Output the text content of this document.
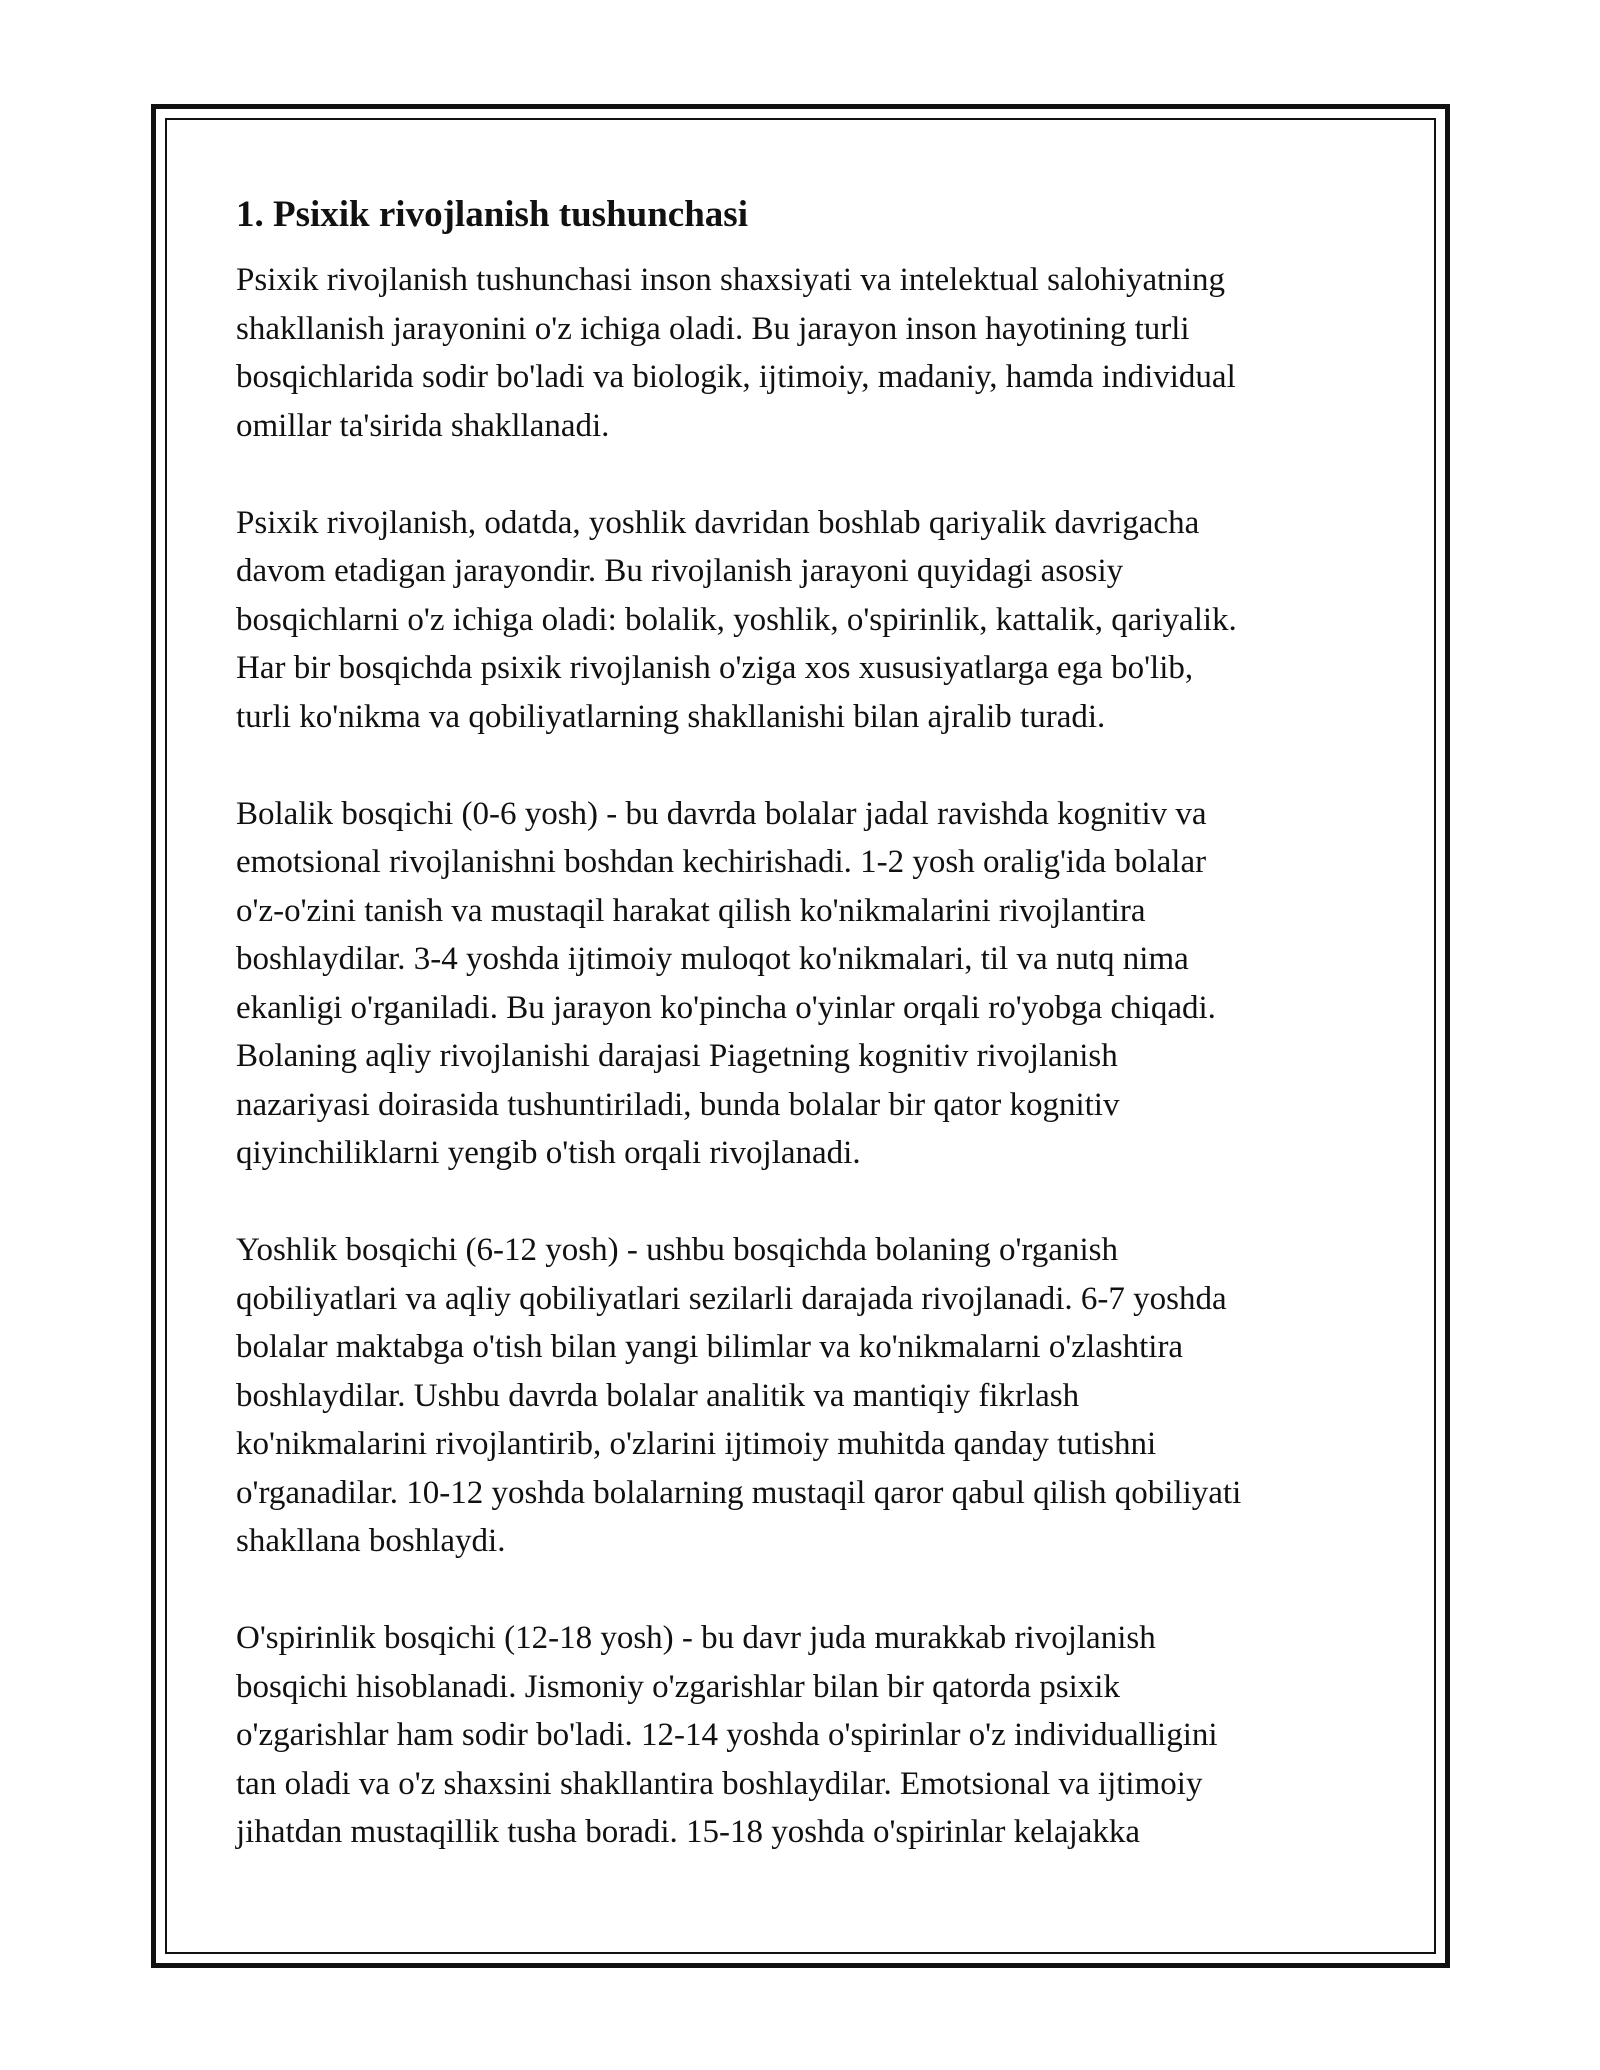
1. Psixik rivojlanish tushunchasi

Psixik rivojlanish tushunchasi inson shaxsiyati va intelektual salohiyatning
shakllanish jarayonini o'z ichiga oladi. Bu jarayon inson hayotining turli
bosqichlarida sodir bo'ladi va biologik, ijtimoiy, madaniy, hamda individual
omillar ta'sirida shakllanadi.

Psixik rivojlanish, odatda, yoshlik davridan boshlab qariyalik davrigacha
davom etadigan jarayondir. Bu rivojlanish jarayoni quyidagi asosiy
bosqichlarni o'z ichiga oladi: bolalik, yoshlik, o'spirinlik, kattalik, qariyalik.
Har bir bosqichda psixik rivojlanish o'ziga xos xususiyatlarga ega bo'lib,
turli ko'nikma va qobiliyatlarning shakllanishi bilan ajralib turadi.

Bolalik bosqichi (0-6 yosh) - bu davrda bolalar jadal ravishda kognitiv va
emotsional rivojlanishni boshdan kechirishadi. 1-2 yosh oralig'ida bolalar
o'z-o'zini tanish va mustaqil harakat qilish ko'nikmalarini rivojlantira
boshlaydilar. 3-4 yoshda ijtimoiy muloqot ko'nikmalari, til va nutq nima
ekanligi o'rganiladi. Bu jarayon ko'pincha o'yinlar orqali ro'yobga chiqadi.
Bolaning aqliy rivojlanishi darajasi Piagetning kognitiv rivojlanish
nazariyasi doirasida tushuntiriladi, bunda bolalar bir qator kognitiv
qiyinchiliklarni yengib o'tish orqali rivojlanadi.

Yoshlik bosqichi (6-12 yosh) - ushbu bosqichda bolaning o'rganish
qobiliyatlari va aqliy qobiliyatlari sezilarli darajada rivojlanadi. 6-7 yoshda
bolalar maktabga o'tish bilan yangi bilimlar va ko'nikmalarni o'zlashtira
boshlaydilar. Ushbu davrda bolalar analitik va mantiqiy fikrlash
ko'nikmalarini rivojlantirib, o'zlarini ijtimoiy muhitda qanday tutishni
o'rganadilar. 10-12 yoshda bolalarning mustaqil qaror qabul qilish qobiliyati
shakllana boshlaydi.

O'spirinlik bosqichi (12-18 yosh) - bu davr juda murakkab rivojlanish
bosqichi hisoblanadi. Jismoniy o'zgarishlar bilan bir qatorda psixik
o'zgarishlar ham sodir bo'ladi. 12-14 yoshda o'spirinlar o'z individualligini
tan oladi va o'z shaxsini shakllantira boshlaydilar. Emotsional va ijtimoiy
jihatdan mustaqillik tusha boradi. 15-18 yoshda o'spirinlar kelajakka
